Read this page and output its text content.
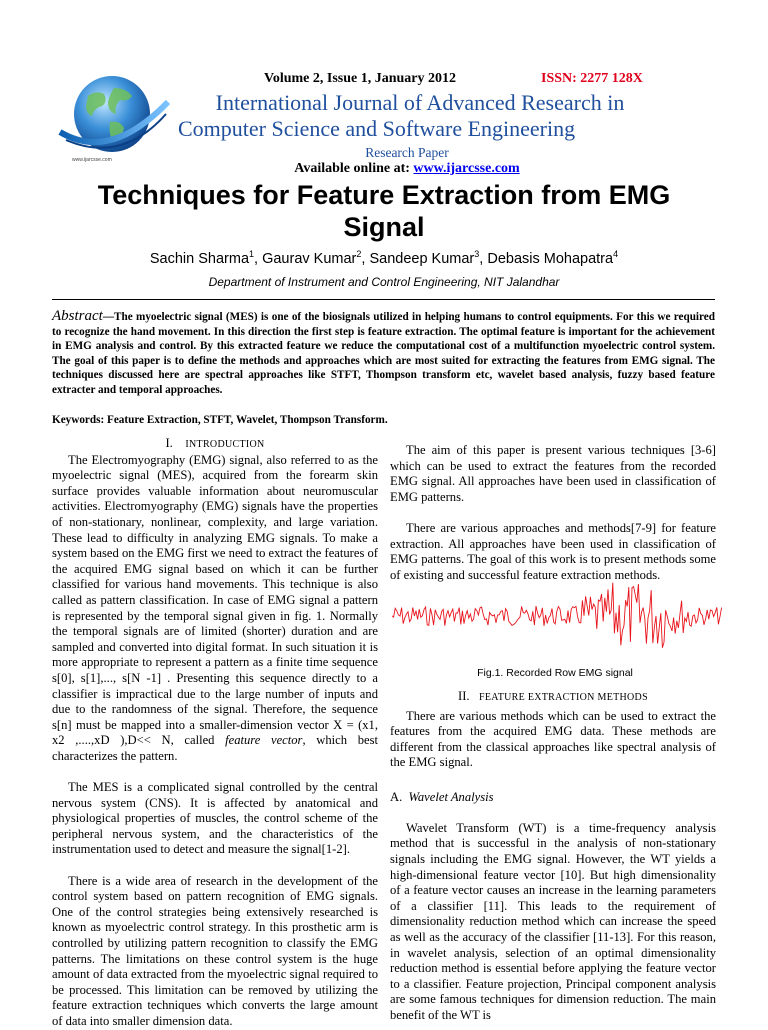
www.ijarcsse.com
Volume 2, Issue 1, January 2012	ISSN: 2277 128X
International Journal of Advanced Research in
Computer Science and Software Engineering
Research Paper
Available online at: www.ijarcsse.com
Techniques for Feature Extraction from EMG
Signal
Sachin Sharma$^1$, Gaurav Kumar$^2$, Sandeep Kumar$^3$, Debasis Mohapatra$^4$
Department of Instrument and Control Engineering, NIT Jalandhar
Abstract—The myoelectric signal (MES) is one of the biosignals utilized in helping humans to control equipments. For this we required to recognize the hand movement. In this direction the first step is feature extraction. The optimal feature is important for the achievement in EMG analysis and control. By this extracted feature we reduce the computational cost of a multifunction myoelectric control system. The goal of this paper is to define the methods and approaches which are most suited for extracting the features from EMG signal. The techniques discussed here are spectral approaches like STFT, Thompson transform etc, wavelet based analysis, fuzzy based feature extracter and temporal approaches.
Keywords: Feature Extraction, STFT, Wavelet, Thompson Transform.

I. INTRODUCTION

The Electromyography (EMG) signal, also referred to as the myoelectric signal (MES), acquired from the forearm skin surface provides valuable information about neuromuscular activities. Electromyography (EMG) signals have the properties of non-stationary, nonlinear, complexity, and large variation. These lead to difficulty in analyzing EMG signals. To make a system based on the EMG first we need to extract the features of the acquired EMG signal based on which it can be further classified for various hand movements. This technique is also called as pattern classification. In case of EMG signal a pattern is represented by the temporal signal given in fig. 1. Normally the temporal signals are of limited (shorter) duration and are sampled and converted into digital format. In such situation it is more appropriate to represent a pattern as a finite time sequence s[0], s[1],..., s[N -1] . Presenting this sequence directly to a classifier is impractical due to the large number of inputs and due to the randomness of the signal. Therefore, the sequence s[n] must be mapped into a smaller-dimension vector X = (x1, x2 ,....,xD ),D<< N, called feature vector, which best characterizes the pattern.

The MES is a complicated signal controlled by the central nervous system (CNS). It is affected by anatomical and physiological properties of muscles, the control scheme of the peripheral nervous system, and the characteristics of the instrumentation used to detect and measure the signal[1-2].

There is a wide area of research in the development of the control system based on pattern recognition of EMG signals. One of the control strategies being extensively researched is known as myoelectric control strategy. In this prosthetic arm is controlled by utilizing pattern recognition to classify the EMG patterns. The limitations on these control system is the huge amount of data extracted from the myoelectric signal required to be processed. This limitation can be removed by utilizing the feature extraction techniques which converts the large amount of data into smaller dimension data.

The aim of this paper is present various techniques [3-6] which can be used to extract the features from the recorded EMG signal. All approaches have been used in classification of EMG patterns.

There are various approaches and methods[7-9] for feature extraction. All approaches have been used in classification of EMG patterns. The goal of this work is to present methods some of existing and successful feature extraction methods.

Fig.1. Recorded Row EMG signal

II. FEATURE EXTRACTION METHODS

There are various methods which can be used to extract the features from the acquired EMG data. These methods are different from the classical approaches like spectral analysis of the EMG signal.

A. Wavelet Analysis

Wavelet Transform (WT) is a time-frequency analysis method that is successful in the analysis of non-stationary signals including the EMG signal. However, the WT yields a high-dimensional feature vector [10]. But high dimensionality of a feature vector causes an increase in the learning parameters of a classifier [11]. This leads to the requirement of dimensionality reduction method which can increase the speed as well as the accuracy of the classifier [11-13]. For this reason, in wavelet analysis, selection of an optimal dimensionality reduction method is essential before applying the feature vector to a classifier. Feature projection, Principal component analysis are some famous techniques for dimension reduction. The main benefit of the WT is
